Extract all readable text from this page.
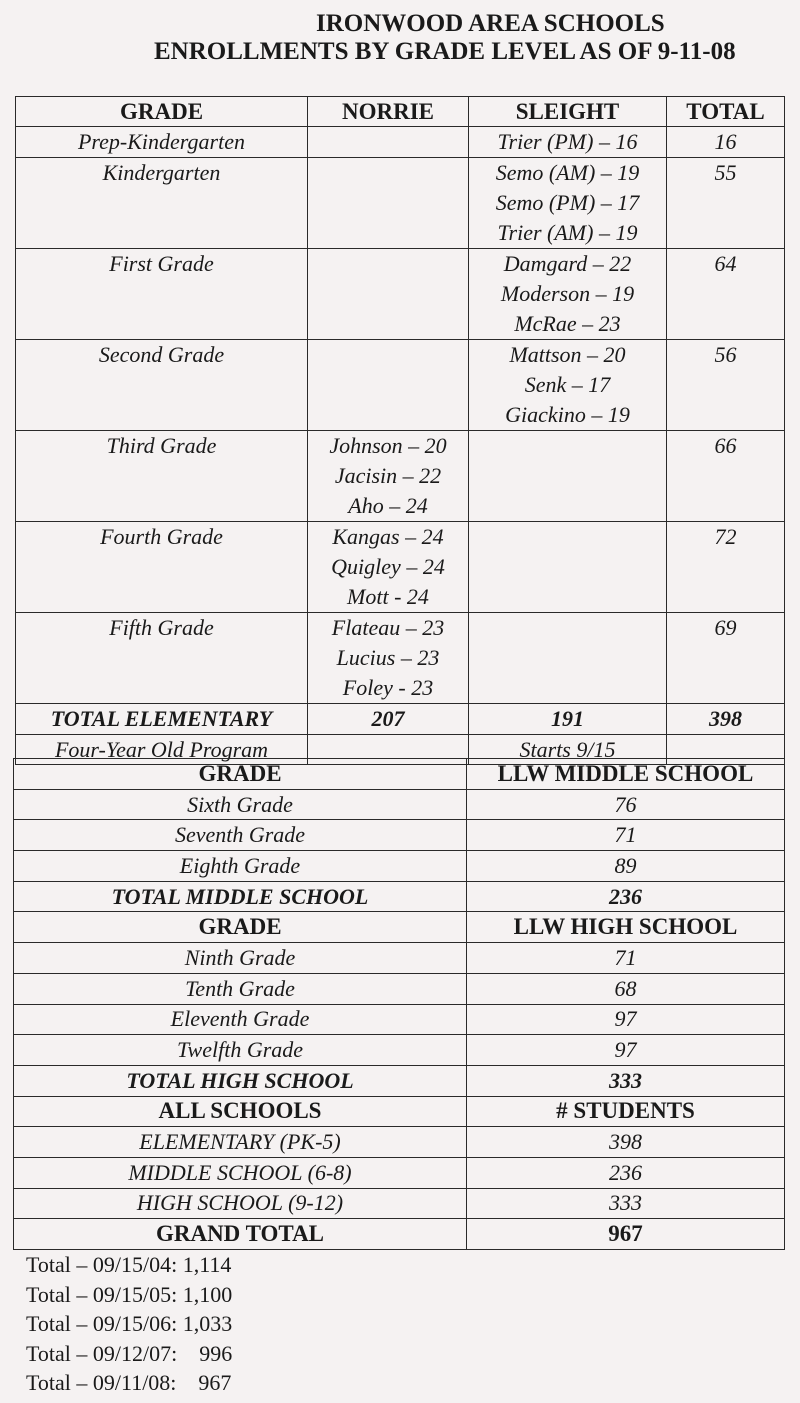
IRONWOOD AREA SCHOOLS
ENROLLMENTS BY GRADE LEVEL AS OF 9-11-08
GRADE	NORRIE	SLEIGHT	TOTAL

Prep-Kindergarten		Trier (PM) – 16	16

Kindergarten		Semo (AM) – 19
Semo (PM) – 17
Trier (AM) – 19	55

First Grade		Damgard – 22
Moderson – 19
McRae – 23	64

Second Grade		Mattson – 20
Senk – 17
Giackino – 19	56

Third Grade	Johnson – 20
Jacisin – 22
Aho – 24		66

Fourth Grade	Kangas – 24
Quigley – 24
Mott - 24		72

Fifth Grade	Flateau – 23
Lucius – 23
Foley - 23		69

TOTAL ELEMENTARY	207	191	398
Four-Year Old Program		Starts 9/15	
GRADE	LLW MIDDLE SCHOOL
Sixth Grade	76
Seventh Grade	71
Eighth Grade	89
TOTAL MIDDLE SCHOOL	236
GRADE	LLW HIGH SCHOOL
Ninth Grade	71
Tenth Grade	68
Eleventh Grade	97
Twelfth Grade	97
TOTAL HIGH SCHOOL	333
ALL SCHOOLS	# STUDENTS
ELEMENTARY (PK-5)	398
MIDDLE SCHOOL (6-8)	236
HIGH SCHOOL (9-12)	333
GRAND TOTAL	967
Total – 09/15/04: 1,114
Total – 09/15/05: 1,100
Total – 09/15/06: 1,033
Total – 09/12/07:    996
Total – 09/11/08:    967
